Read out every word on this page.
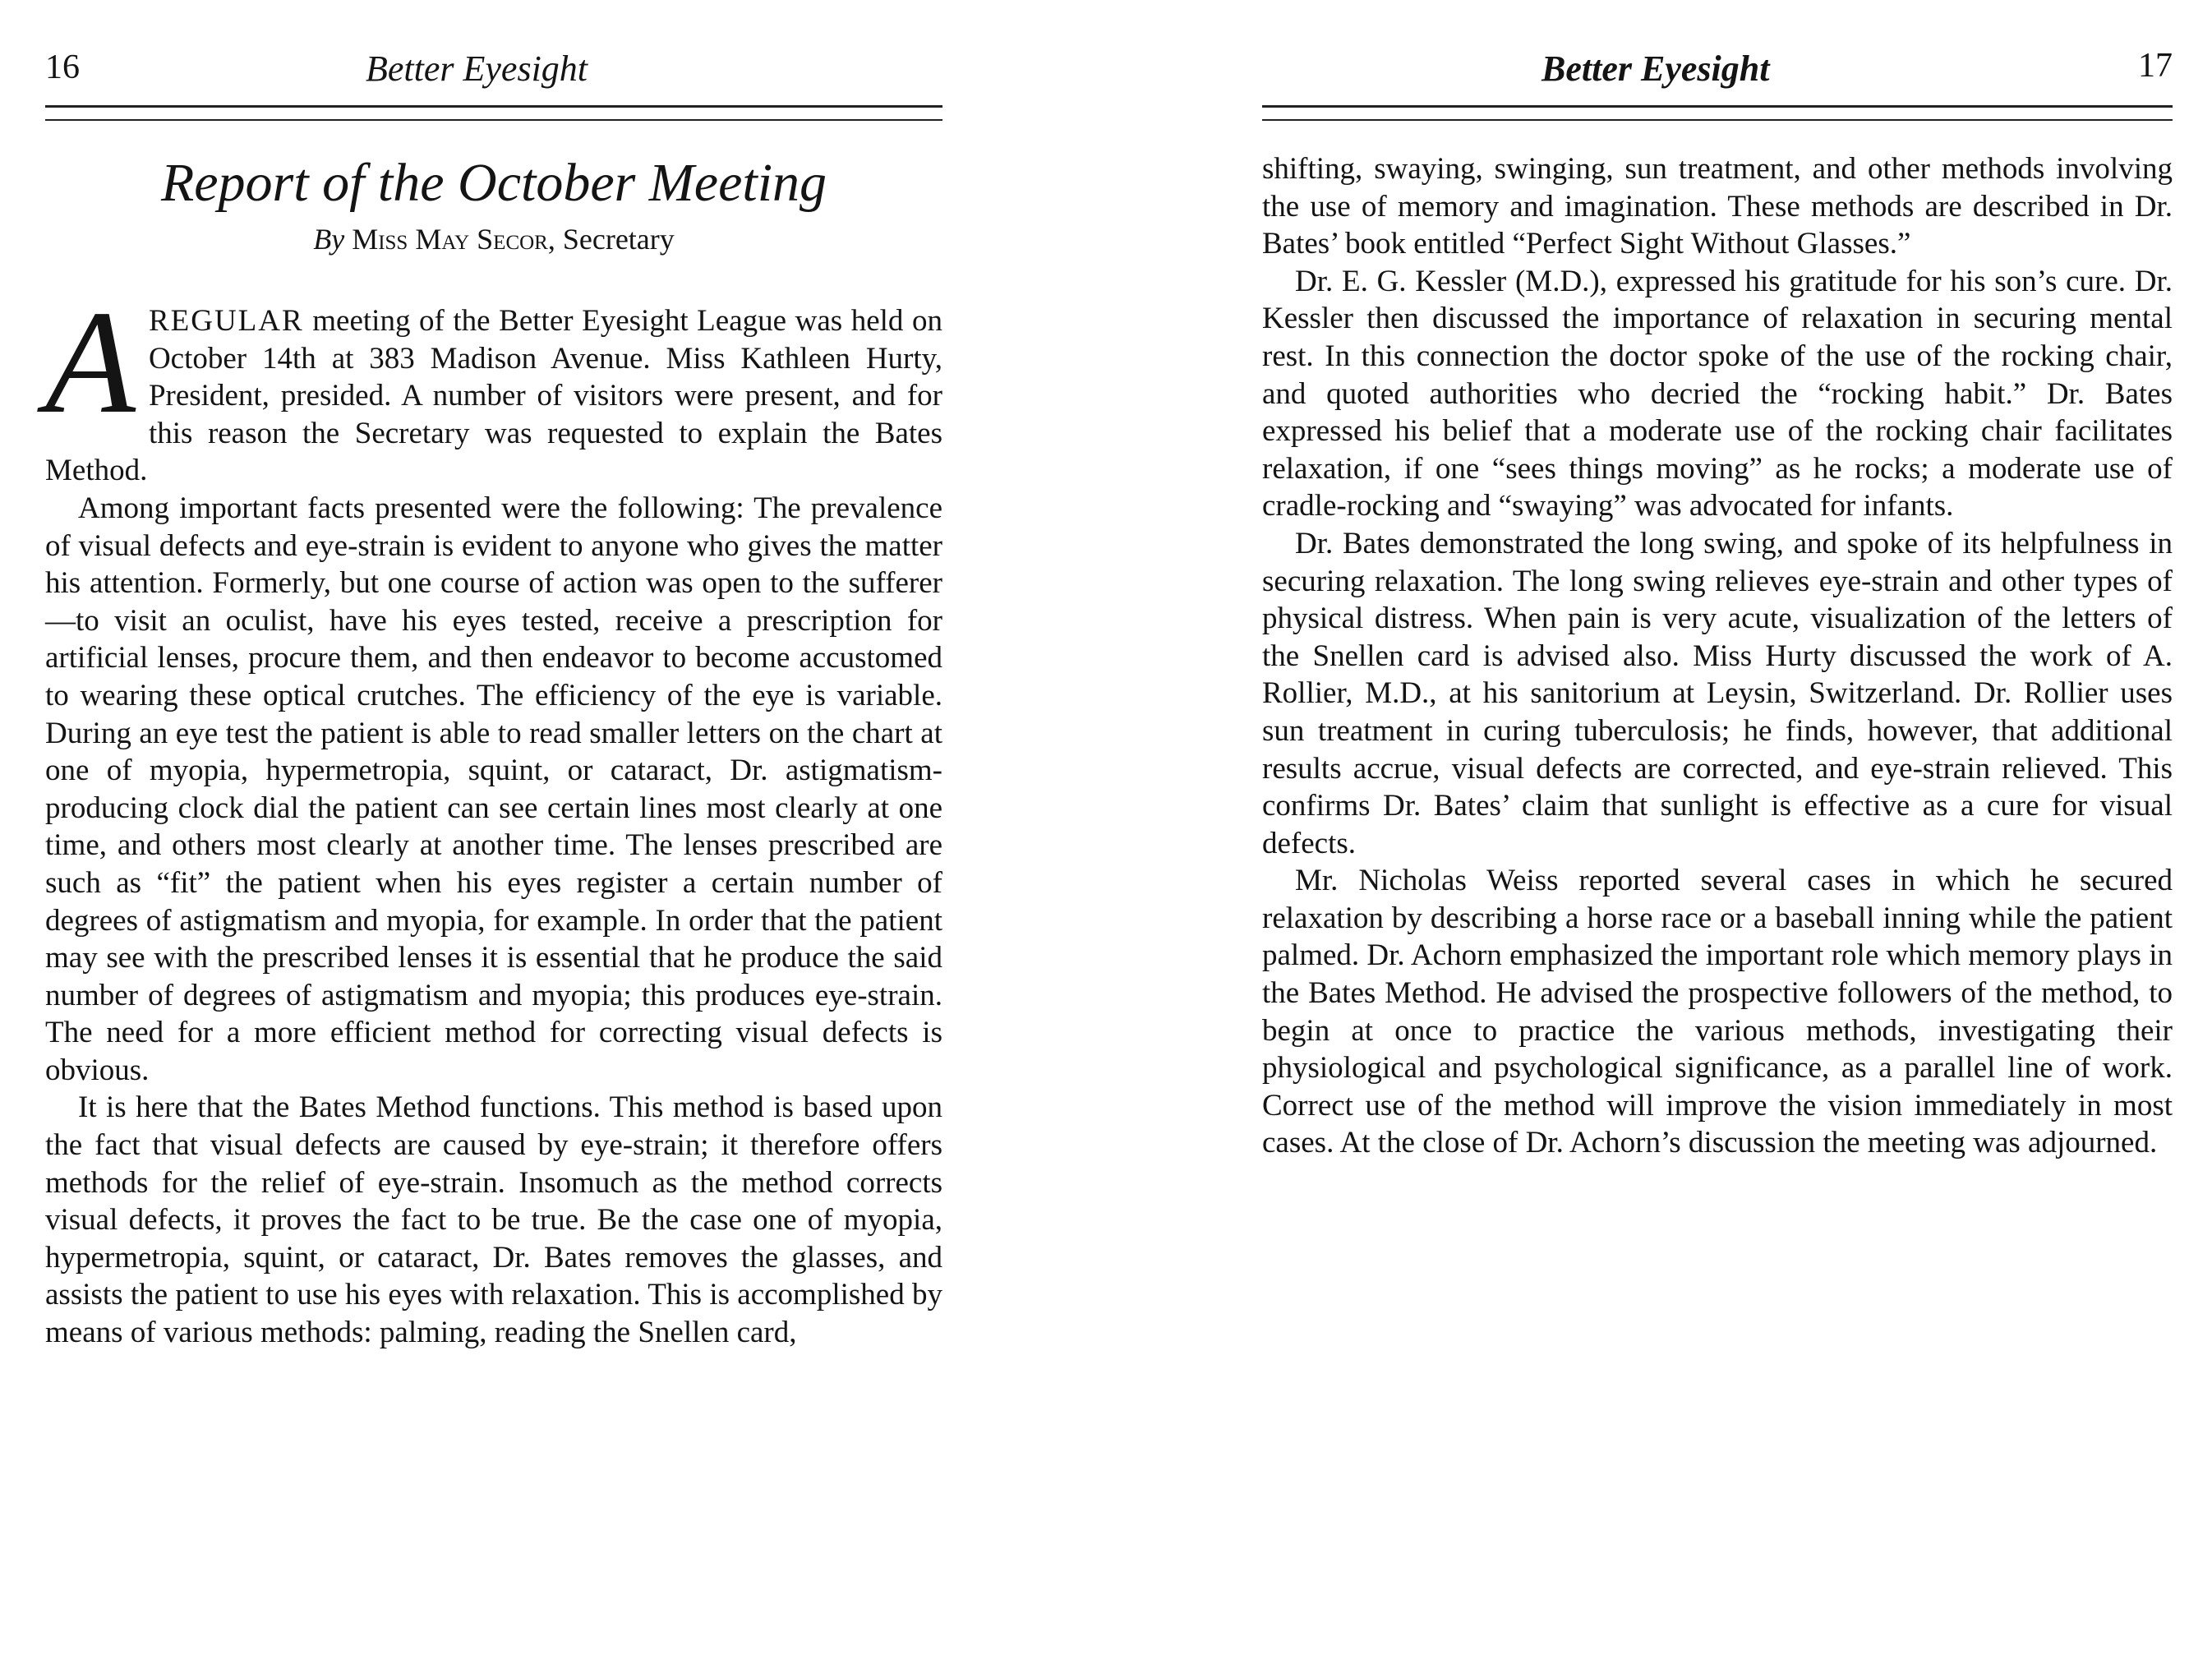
16	Better Eyesight
Report of the October Meeting

By Miss May Secor, Secretary

AREGULAR meeting of the Better Eyesight League was held on October 14th at 383 Madison Avenue. Miss Kathleen Hurty, President, presided. A number of visitors were present, and for this reason the Secretary was requested to explain the Bates Method.

Among important facts presented were the following: The prevalence of visual defects and eye-strain is evident to anyone who gives the matter his attention. Formerly, but one course of action was open to the sufferer—to visit an oculist, have his eyes tested, receive a prescription for artificial lenses, procure them, and then endeavor to become accustomed to wearing these optical crutches. The efficiency of the eye is variable. During an eye test the patient is able to read smaller letters on the chart at one of myopia, hypermetropia, squint, or cataract, Dr. astigmatism-producing clock dial the patient can see certain lines most clearly at one time, and others most clearly at another time. The lenses prescribed are such as “fit” the patient when his eyes register a certain number of degrees of astigmatism and myopia, for example. In order that the patient may see with the prescribed lenses it is essential that he produce the said number of degrees of astigmatism and myopia; this produces eye-strain. The need for a more efficient method for correcting visual defects is obvious.

It is here that the Bates Method functions. This method is based upon the fact that visual defects are caused by eye-strain; it therefore offers methods for the relief of eye-strain. Insomuch as the method corrects visual defects, it proves the fact to be true. Be the case one of myopia, hypermetropia, squint, or cataract, Dr. Bates removes the glasses, and assists the patient to use his eyes with relaxation. This is accomplished by means of various methods: palming, reading the Snellen card,

Better Eyesight	17

shifting, swaying, swinging, sun treatment, and other methods involving the use of memory and imagination. These methods are described in Dr. Bates’ book entitled “Perfect Sight Without Glasses.”

Dr. E. G. Kessler (M.D.), expressed his gratitude for his son’s cure. Dr. Kessler then discussed the importance of relaxation in securing mental rest. In this connection the doctor spoke of the use of the rocking chair, and quoted authorities who decried the “rocking habit.” Dr. Bates expressed his belief that a moderate use of the rocking chair facilitates relaxation, if one “sees things moving” as he rocks; a moderate use of cradle-rocking and “swaying” was advocated for infants.

Dr. Bates demonstrated the long swing, and spoke of its helpfulness in securing relaxation. The long swing relieves eye-strain and other types of physical distress. When pain is very acute, visualization of the letters of the Snellen card is advised also. Miss Hurty discussed the work of A. Rollier, M.D., at his sanitorium at Leysin, Switzerland. Dr. Rollier uses sun treatment in curing tuberculosis; he finds, however, that additional results accrue, visual defects are corrected, and eye-strain relieved. This confirms Dr. Bates’ claim that sunlight is effective as a cure for visual defects.

Mr. Nicholas Weiss reported several cases in which he secured relaxation by describing a horse race or a baseball inning while the patient palmed. Dr. Achorn emphasized the important role which memory plays in the Bates Method. He advised the prospective followers of the method, to begin at once to practice the various methods, investigating their physiological and psychological significance, as a parallel line of work. Correct use of the method will improve the vision immediately in most cases. At the close of Dr. Achorn’s discussion the meeting was adjourned.
